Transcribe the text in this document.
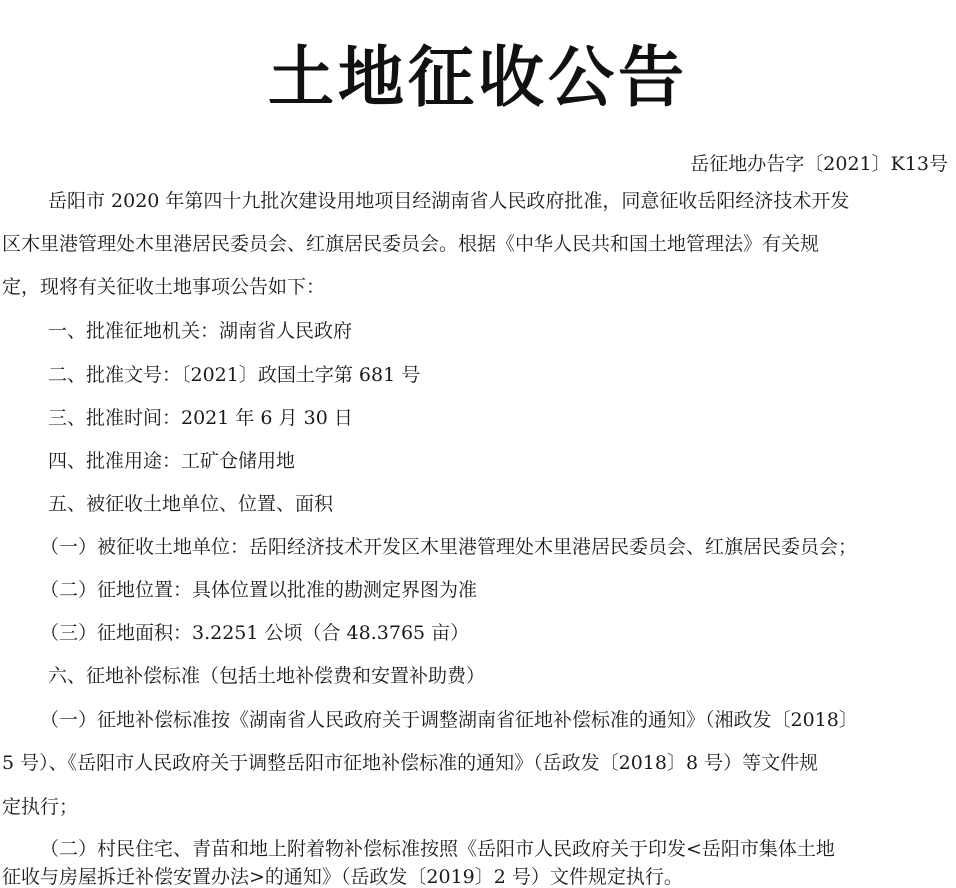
土地征收公告
岳征地办告字〔2021〕K13号
岳阳市 2020 年第四十九批次建设用地项目经湖南省人民政府批准，同意征收岳阳经济技术开发
区木里港管理处木里港居民委员会、红旗居民委员会。根据《中华人民共和国土地管理法》有关规
定，现将有关征收土地事项公告如下：
一、批准征地机关：湖南省人民政府
二、批准文号：〔2021〕政国土字第 681 号
三、批准时间：2021 年 6 月 30 日
四、批准用途：工矿仓储用地
五、被征收土地单位、位置、面积
（一）被征收土地单位：岳阳经济技术开发区木里港管理处木里港居民委员会、红旗居民委员会；
（二）征地位置：具体位置以批准的勘测定界图为准
（三）征地面积：3.2251 公顷（合 48.3765 亩）
六、征地补偿标准（包括土地补偿费和安置补助费）
（一）征地补偿标准按《湖南省人民政府关于调整湖南省征地补偿标准的通知》（湘政发〔2018〕
5 号）、《岳阳市人民政府关于调整岳阳市征地补偿标准的通知》（岳政发〔2018〕8 号）等文件规
定执行；
（二）村民住宅、青苗和地上附着物补偿标准按照《岳阳市人民政府关于印发<岳阳市集体土地
征收与房屋拆迁补偿安置办法>的通知》（岳政发〔2019〕2 号）文件规定执行。
